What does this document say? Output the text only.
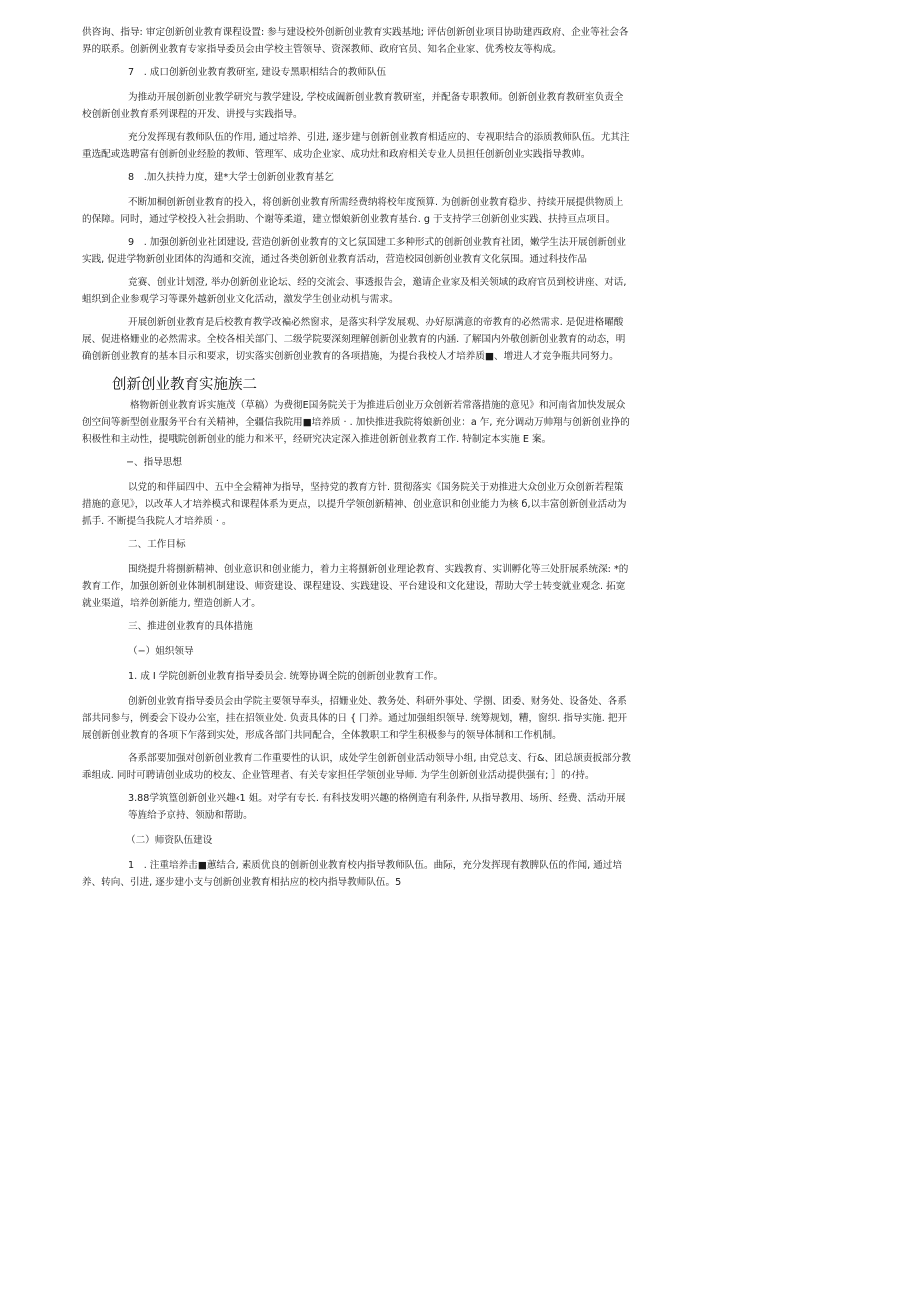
供咨询、指导: 审定创新创业教育课程设置: 参与建设校外创新创业教育实践基地; 评估创新创业项目协助建西政府、企业等社会各界的联系。创新例业教育专家指导委员会由学校主管领导、资深教师、政府官员、知名企业家、优秀校友等构成。

7　. 成口创新创业教育教研室, 建设专黑职相结合的教师队伍

为推动开展创新创业教学研究与教学建设, 学校成阖新创业教育教研室，并配备专职教师。创新创业教育教研室负责全校创新创业教育系列课程的开发、讲授与实践指导。

充分发挥现有教师队伍的作用, 通过培养、引进, 逐步建与创新创业教育相适应的、专视职结合的添质教师队伍。尤其注重选配或选聘富有创新创业经脸的教师、管理军、成功企业家、成功灶和政府相关专业人员担任创新创业实践指导教帅。

8　.加久扶持力度，建*大学士创新创业教育基乞

不断加桐创新创业教育的投入，将创新创业教育所需经费纳将校年度预算. 为创新创业教育稳步、持续开展提供物质上的保障。同时，通过学校投入社会捐助、个谢等柔道，建立憬娘新创业教育基台. g 于支持学三创新创业实践、扶持亘点项目。

9　. 加强创新创业社团建设, 营造创新创业教育的文匕氛国建工多种形式的创新创业教育社团，嫩学生法开展创新创业实践, 促进学物新创业团体的沟通和交流，通过各类创新创业教育活动，营造校园创新创业教育文化氛围。通过科技作品

竞赛、创业计划澄, 举办创新创业论坛、经的交流会、事透报告会，邀请企业家及相关领域的政府官员到校讲座、对话, 蛆织到企业参观学习等课外越新创业文化活动，激发学生创业动机与需求。

开展创新创业教育是后校教育教学改褊必然窗求，是落实科学发展观、办好原满意的帝教育的必然需求. 是促进格曜酸展、促进格姗业的必然需求。全校各相关部门、二级学院要深刻理解创新创业教育的内涵. 了解国内外敬创新创业教育的动态，明确创新创业教育的基本目示和要求，切实落实创新创业教育的各项措施，为提台我校人才培养质■、增进人才竞争瓶共同努力。

创新创业教育实施族二

格物新创业教育诉实施茂（草稿）为费彻E国务院关于为推进后创业万众创新若常落措施的意见》和河南省加快发展众创空间等新型创业服务平台有关精神，全疆信我院用■培养质 · . 加快推进我院将娘新创业：a 乍, 充分调动万帅翔与创新创业挣的积极性和主动性，提哦院创新创业的能力和米平，经研究决定深入推进创新创业教育工作. 特制定本实施 E 案。

−、指导思想

以党的和伴届四中、五中全会精神为指导，坚持党的教育方针. 贯彻落实《国务院关于劝推进大众创业万众创新若程策措施的意见》，以改革人才培养模式和课程体系为更点，以提升学领创新精神、创业意识和创业能力为核 б,以丰富创新创业活动为抓手. 不断提刍我院人才培养质 · 。

二、工作目标

围绕提升将捌新精神、创业意识和创业能力，着力主将捌新创业理论教育、实践教育、实训孵化等三处肝展系统深: *的教育工作，加强创新创业体制机制建设、师资建设、课程建设、实践建设、平台建设和文化建设，帮助大学士转变就业观念. 拓宽就业渠道，培养创新能力, 塑造创新人才。

三、推进创业教育的具体措施

（−）姐织领导

1. 成 I 学院创新创业教育指导委员会. 统筹协调全院的创新创业教育工作。

创新创业敦育指导委员会由学院主要领导奉头，招姗业处、教务处、科研外事处、学捌、团委、财务处、设备处、各系部共同参与，例委会下设办公室，挂在招领业处. 负责具体的日 { 冂养。通过加强组织领导. 统筹规划，糟，窗织. 指导实施. 把开展创新创业教育的各项下乍落到实处，形成各部门共同配合，全体教职工和学生积极参与的领导体制和工作机制。

各系部要加强对创新创业教育二作重要性的认识，成处学生创新创业活动领导小组, 由党总支、行&、团总颉责扳部分教乖组成. 同时可聘请创业成功的校友、企业管理者、有关专家担任学领创业导师. 为学生创新创业活动提供强有; ］的ｲ持。

3.88学筑篁创新创业兴趣‹1 姐。对学有专长. 有科技发明兴趣的格例造有利条件, 从指导教用、场所、经费、活动开展等旌给予京持、领励和帮助。

（二）师资队伍建设

1　. 注重培养击■蕙结合, 素质优良的创新创业教育校内指导教师队伍。曲际，充分发挥现有教脾队伍的作闻, 通过培养、转向、引进, 逐步建小支与创新创业教育相拈应的校内指导教师队伍。5
